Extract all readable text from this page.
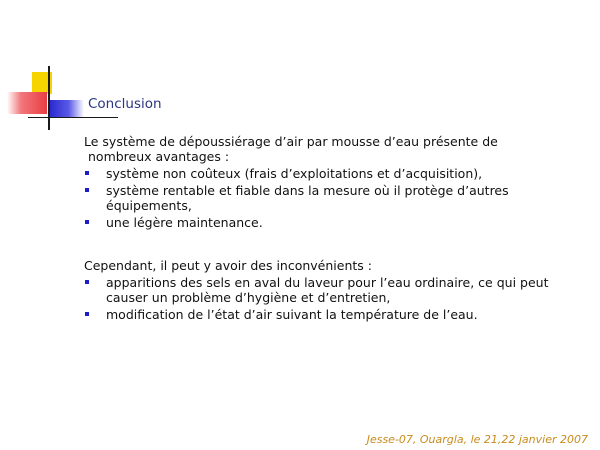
Conclusion

Le système de dépoussiérage d’air par mousse d’eau présente de

nombreux avantages :

système non coûteux (frais d’exploitations et d’acquisition),
système rentable et fiable dans la mesure où il protège d’autres équipements,
une légère maintenance.

Cependant, il peut y avoir des inconvénients :

apparitions des sels en aval du laveur pour l’eau ordinaire, ce qui peut causer un problème d’hygiène et d’entretien,
modification de l’état d’air suivant la température de l’eau.
Jesse-07, Ouargla, le 21,22 janvier 2007
